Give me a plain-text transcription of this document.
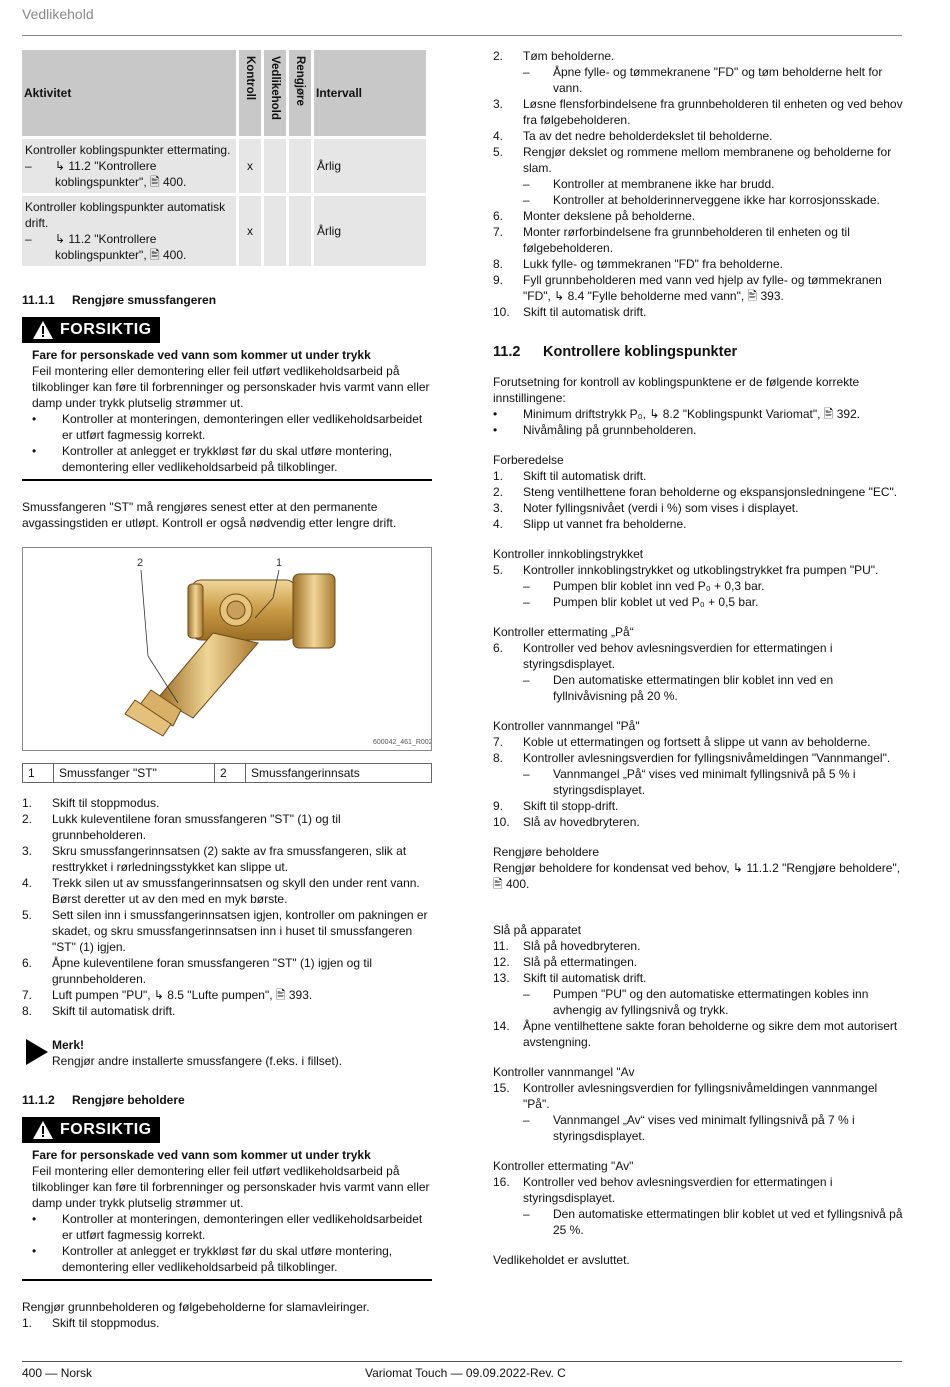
Vedlikehold
Aktivitet	Kontroll	Vedlikehold	Rengjøre	Intervall

Kontroller koblingspunkter ettermating.
– ↳ 11.2 "Kontrollere koblingspunkter", 🖹 400.	x			Årlig

Kontroller koblingspunkter automatisk drift.
– ↳ 11.2 "Kontrollere koblingspunkter", 🖹 400.	x			Årlig
11.1.1 Rengjøre smussfangeren
FORSIKTIG

Fare for personskade ved vann som kommer ut under trykk

Feil montering eller demontering eller feil utført vedlikeholdsarbeid på tilkoblinger kan føre til forbrenninger og personskader hvis varmt vann eller damp under trykk plutselig strømmer ut.

•	Kontroller at monteringen, demonteringen eller vedlikeholdsarbeidet er utført fagmessig korrekt.
•	Kontroller at anlegget er trykkløst før du skal utføre montering, demontering eller vedlikeholdsarbeid på tilkoblinger.

Smussfangeren "ST" må rengjøres senest etter at den permanente avgassingstiden er utløpt. Kontroll er også nødvendig etter lengre drift.

2	1
600042_461_R002
1	Smussfanger "ST"	2	Smussfangerinnsats
1.	Skift til stoppmodus.
2.	Lukk kuleventilene foran smussfangeren "ST" (1) og til grunnbeholderen.
3.	Skru smussfangerinnsatsen (2) sakte av fra smussfangeren, slik at resttrykket i rørledningsstykket kan slippe ut.
4.	Trekk silen ut av smussfangerinnsatsen og skyll den under rent vann. Børst deretter ut av den med en myk børste.
5.	Sett silen inn i smussfangerinnsatsen igjen, kontroller om pakningen er skadet, og skru smussfangerinnsatsen inn i huset til smussfangeren "ST" (1) igjen.
6.	Åpne kuleventilene foran smussfangeren "ST" (1) igjen og til grunnbeholderen.
7.	Luft pumpen "PU", ↳ 8.5 "Lufte pumpen", 🖹 393.
8.	Skift til automatisk drift.

Merk!

Rengjør andre installerte smussfangere (f.eks. i fillset).

11.1.2 Rengjøre beholdere
FORSIKTIG

Fare for personskade ved vann som kommer ut under trykk

Feil montering eller demontering eller feil utført vedlikeholdsarbeid på tilkoblinger kan føre til forbrenninger og personskader hvis varmt vann eller damp under trykk plutselig strømmer ut.

•	Kontroller at monteringen, demonteringen eller vedlikeholdsarbeidet er utført fagmessig korrekt.
•	Kontroller at anlegget er trykkløst før du skal utføre montering, demontering eller vedlikeholdsarbeid på tilkoblinger.

Rengjør grunnbeholderen og følgebeholderne for slamavleiringer.

1.	Skift til stoppmodus.
2.	Tøm beholderne.
–	Åpne fylle- og tømmekranene "FD" og tøm beholderne helt for vann.
3.	Løsne flensforbindelsene fra grunnbeholderen til enheten og ved behov fra følgebeholderen.
4.	Ta av det nedre beholderdekslet til beholderne.
5.	Rengjør dekslet og rommene mellom membranene og beholderne for slam.
–	Kontroller at membranene ikke har brudd.
–	Kontroller at beholderinnerveggene ikke har korrosjonsskade.
6.	Monter dekslene på beholderne.
7.	Monter rørforbindelsene fra grunnbeholderen til enheten og til følgebeholderen.
8.	Lukk fylle- og tømmekranen "FD" fra beholderne.
9.	Fyll grunnbeholderen med vann ved hjelp av fylle- og tømmekranen "FD", ↳ 8.4 "Fylle beholderne med vann", 🖹 393.
10.	Skift til automatisk drift.
11.2 Kontrollere koblingspunkter

Forutsetning for kontroll av koblingspunktene er de følgende korrekte innstillingene:

•	Minimum driftstrykk P₀, ↳ 8.2 "Koblingspunkt Variomat", 🖹 392.
•	Nivåmåling på grunnbeholderen.

Forberedelse

1.	Skift til automatisk drift.
2.	Steng ventilhettene foran beholderne og ekspansjonsledningene "EC".
3.	Noter fyllingsnivået (verdi i %) som vises i displayet.
4.	Slipp ut vannet fra beholderne.

Kontroller innkoblingstrykket

5.	Kontroller innkoblingstrykket og utkoblingstrykket fra pumpen "PU".
–	Pumpen blir koblet inn ved P₀ + 0,3 bar.
–	Pumpen blir koblet ut ved P₀ + 0,5 bar.

Kontroller ettermating „På“

6.	Kontroller ved behov avlesningsverdien for ettermatingen i styringsdisplayet.
–	Den automatiske ettermatingen blir koblet inn ved en fyllnivåvisning på 20 %.

Kontroller vannmangel "På"

7.	Koble ut ettermatingen og fortsett å slippe ut vann av beholderne.
8.	Kontroller avlesningsverdien for fyllingsnivåmeldingen "Vannmangel".
–	Vannmangel „På“ vises ved minimalt fyllingsnivå på 5 % i styringsdisplayet.
9.	Skift til stopp-drift.
10.	Slå av hovedbryteren.

Rengjøre beholdere

Rengjør beholdere for kondensat ved behov, ↳ 11.1.2 "Rengjøre beholdere", 🖹 400.

Slå på apparatet

11.	Slå på hovedbryteren.
12.	Slå på ettermatingen.
13.	Skift til automatisk drift.
–	Pumpen "PU" og den automatiske ettermatingen kobles inn avhengig av fyllingsnivå og trykk.
14.	Åpne ventilhettene sakte foran beholderne og sikre dem mot autorisert avstengning.

Kontroller vannmangel "Av

15.	Kontroller avlesningsverdien for fyllingsnivåmeldingen vannmangel "På".
–	Vannmangel „Av“ vises ved minimalt fyllingsnivå på 7 % i styringsdisplayet.

Kontroller ettermating "Av"

16.	Kontroller ved behov avlesningsverdien for ettermatingen i styringsdisplayet.
–	Den automatiske ettermatingen blir koblet ut ved et fyllingsnivå på 25 %.

Vedlikeholdet er avsluttet.

400 — Norsk	Variomat Touch — 09.09.2022-Rev. C
